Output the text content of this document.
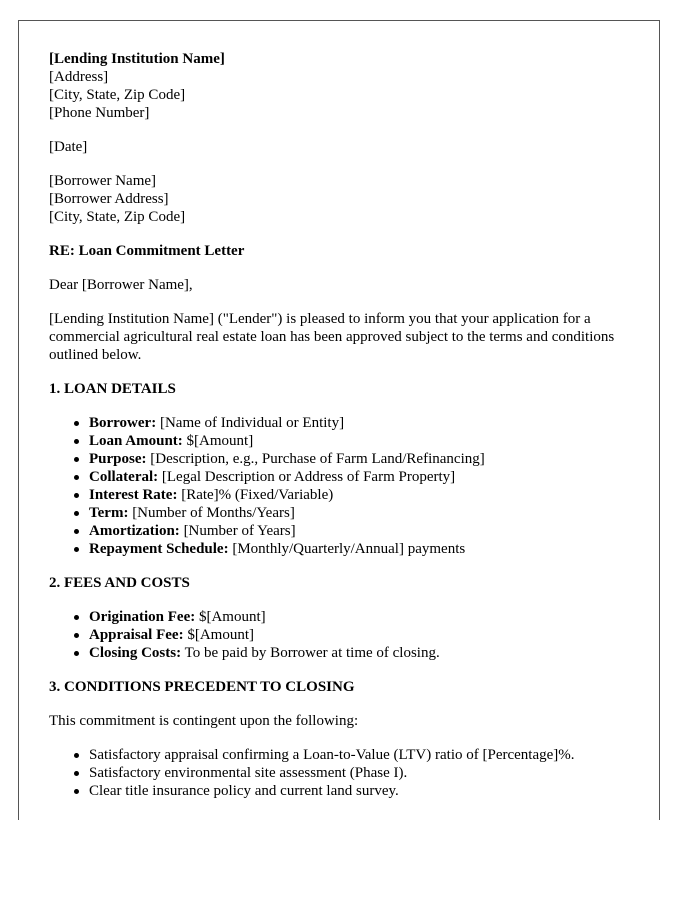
[Lending Institution Name]

[Address]

[City, State, Zip Code]

[Phone Number]

[Date]

[Borrower Name]

[Borrower Address]

[City, State, Zip Code]

RE: Loan Commitment Letter

Dear [Borrower Name],

[Lending Institution Name] ("Lender") is pleased to inform you that your application for a commercial agricultural real estate loan has been approved subject to the terms and conditions outlined below.

1. LOAN DETAILS

Borrower: [Name of Individual or Entity]
Loan Amount: $[Amount]
Purpose: [Description, e.g., Purchase of Farm Land/Refinancing]
Collateral: [Legal Description or Address of Farm Property]
Interest Rate: [Rate]% (Fixed/Variable)
Term: [Number of Months/Years]
Amortization: [Number of Years]
Repayment Schedule: [Monthly/Quarterly/Annual] payments

2. FEES AND COSTS

Origination Fee: $[Amount]
Appraisal Fee: $[Amount]
Closing Costs: To be paid by Borrower at time of closing.

3. CONDITIONS PRECEDENT TO CLOSING

This commitment is contingent upon the following:

Satisfactory appraisal confirming a Loan-to-Value (LTV) ratio of [Percentage]%.
Satisfactory environmental site assessment (Phase I).
Clear title insurance policy and current land survey.
